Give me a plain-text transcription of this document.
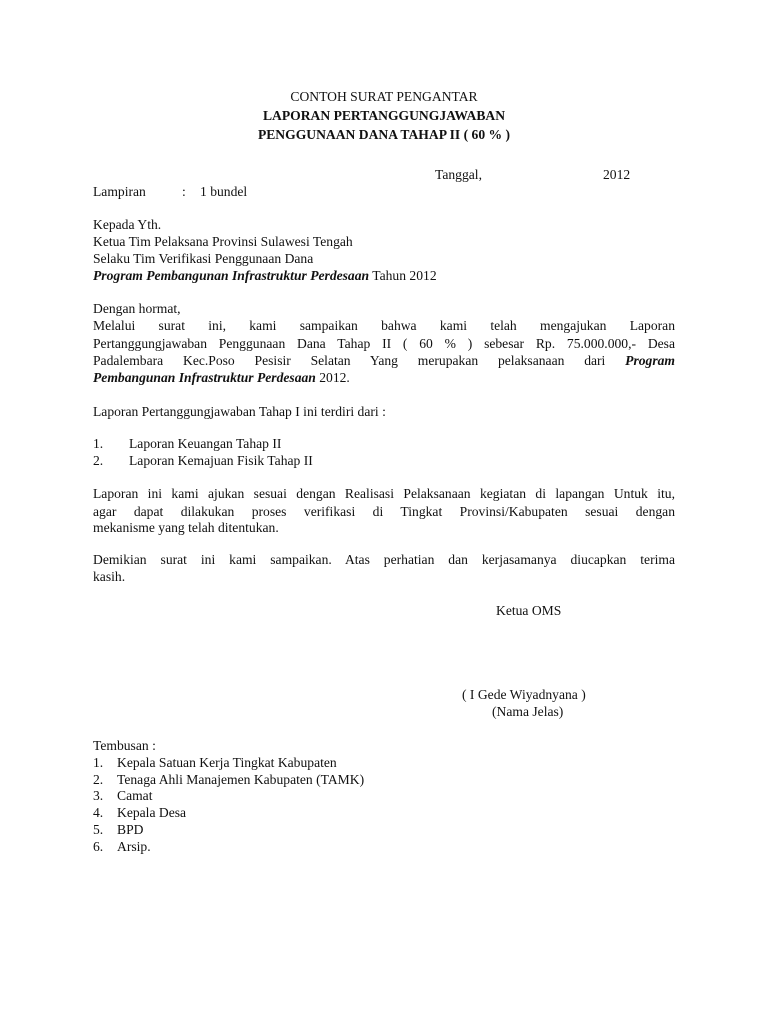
CONTOH SURAT PENGANTAR
LAPORAN PERTANGGUNGJAWABAN
PENGGUNAAN DANA TAHAP II ( 60 % )
Tanggal,	2012
Lampiran	: 1 bundel
Kepada Yth.
Ketua Tim Pelaksana Provinsi Sulawesi Tengah
Selaku Tim Verifikasi Penggunaan Dana
Program Pembangunan Infrastruktur Perdesaan Tahun 2012
Dengan hormat,
Melalui surat ini, kami sampaikan bahwa kami telah mengajukan Laporan
Pertanggungjawaban Penggunaan Dana Tahap II ( 60 % ) sebesar Rp. 75.000.000,- Desa
Padalembara Kec.Poso Pesisir Selatan Yang merupakan pelaksanaan dari Program
Pembangunan Infrastruktur Perdesaan 2012.
Laporan Pertanggungjawaban Tahap I ini terdiri dari :
1. Laporan Keuangan Tahap II
2. Laporan Kemajuan Fisik Tahap II
Laporan ini kami ajukan sesuai dengan Realisasi Pelaksanaan kegiatan di lapangan Untuk itu,
agar dapat dilakukan proses verifikasi di Tingkat Provinsi/Kabupaten sesuai dengan
mekanisme yang telah ditentukan.
Demikian surat ini kami sampaikan. Atas perhatian dan kerjasamanya diucapkan terima
kasih.
Ketua OMS
( I Gede Wiyadnyana )
(Nama Jelas)
Tembusan :
1. Kepala Satuan Kerja Tingkat Kabupaten
2. Tenaga Ahli Manajemen Kabupaten (TAMK)
3. Camat
4. Kepala Desa
5. BPD
6. Arsip.
